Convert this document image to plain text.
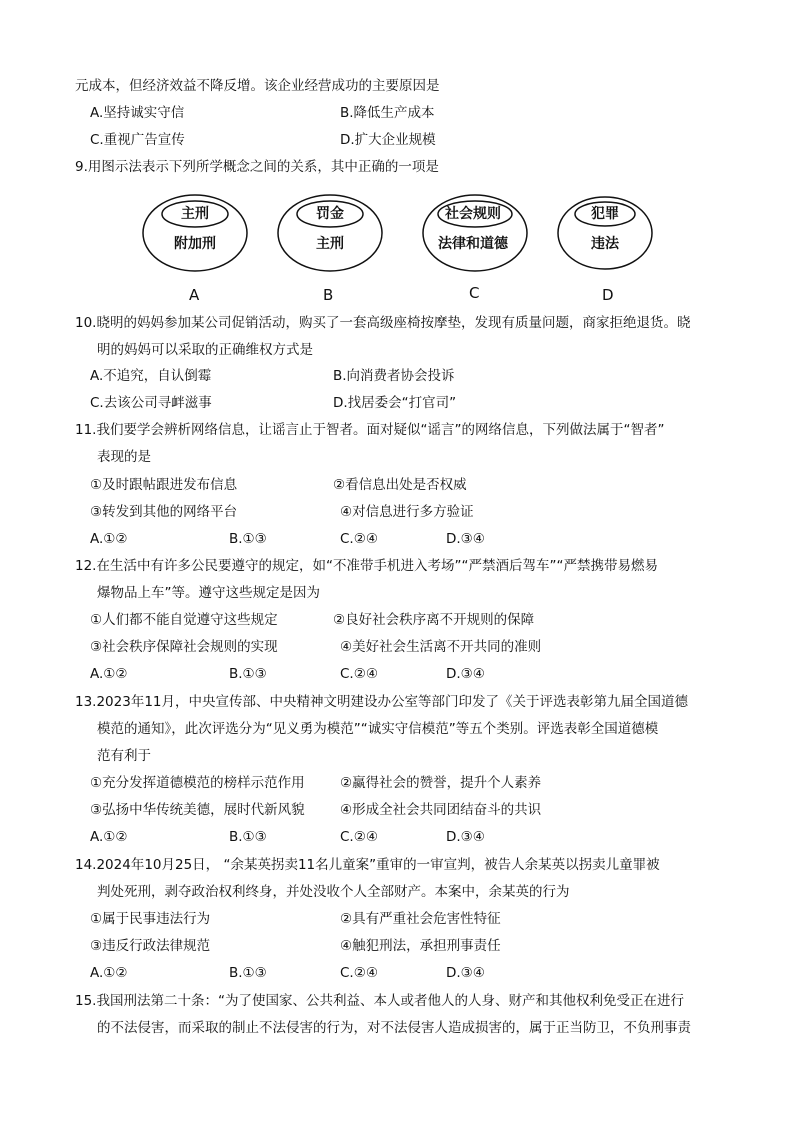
元成本，但经济效益不降反增。该企业经营成功的主要原因是
A.坚持诚实守信	B.降低生产成本
C.重视广告宣传	D.扩大企业规模
9.用图示法表示下列所学概念之间的关系，其中正确的一项是
主刑
附加刑
A
罚金
主刑
B
社会规则
法律和道德
C
犯罪
违法
D
10.晓明的妈妈参加某公司促销活动，购买了一套高级座椅按摩垫，发现有质量问题，商家拒绝退货。晓
明的妈妈可以采取的正确维权方式是
A.不追究，自认倒霉	B.向消费者协会投诉
C.去该公司寻衅滋事	D.找居委会“打官司”
11.我们要学会辨析网络信息，让谣言止于智者。面对疑似“谣言”的网络信息，下列做法属于“智者”
表现的是
①及时跟帖跟进发布信息	②看信息出处是否权威
③转发到其他的网络平台	④对信息进行多方验证
A.①②	B.①③	C.②④	D.③④
12.在生活中有许多公民要遵守的规定，如“不准带手机进入考场”“严禁酒后驾车”“严禁携带易燃易
爆物品上车”等。遵守这些规定是因为
①人们都不能自觉遵守这些规定	②良好社会秩序离不开规则的保障
③社会秩序保障社会规则的实现	④美好社会生活离不开共同的准则
A.①②	B.①③	C.②④	D.③④
13.2023年11月，中央宣传部、中央精神文明建设办公室等部门印发了《关于评选表彰第九届全国道德
模范的通知》，此次评选分为“见义勇为模范”“诚实守信模范”等五个类别。评选表彰全国道德模
范有利于
①充分发挥道德模范的榜样示范作用	②赢得社会的赞誉，提升个人素养
③弘扬中华传统美德，展时代新风貌	④形成全社会共同团结奋斗的共识
A.①②	B.①③	C.②④	D.③④
14.2024年10月25日， “余某英拐卖11名儿童案”重审的一审宣判，被告人余某英以拐卖儿童罪被
判处死刑，剥夺政治权利终身，并处没收个人全部财产。本案中，余某英的行为
①属于民事违法行为	②具有严重社会危害性特征
③违反行政法律规范	④触犯刑法，承担刑事责任
A.①②	B.①③	C.②④	D.③④
15.我国刑法第二十条：“为了使国家、公共利益、本人或者他人的人身、财产和其他权利免受正在进行
的不法侵害，而采取的制止不法侵害的行为，对不法侵害人造成损害的，属于正当防卫，不负刑事责
